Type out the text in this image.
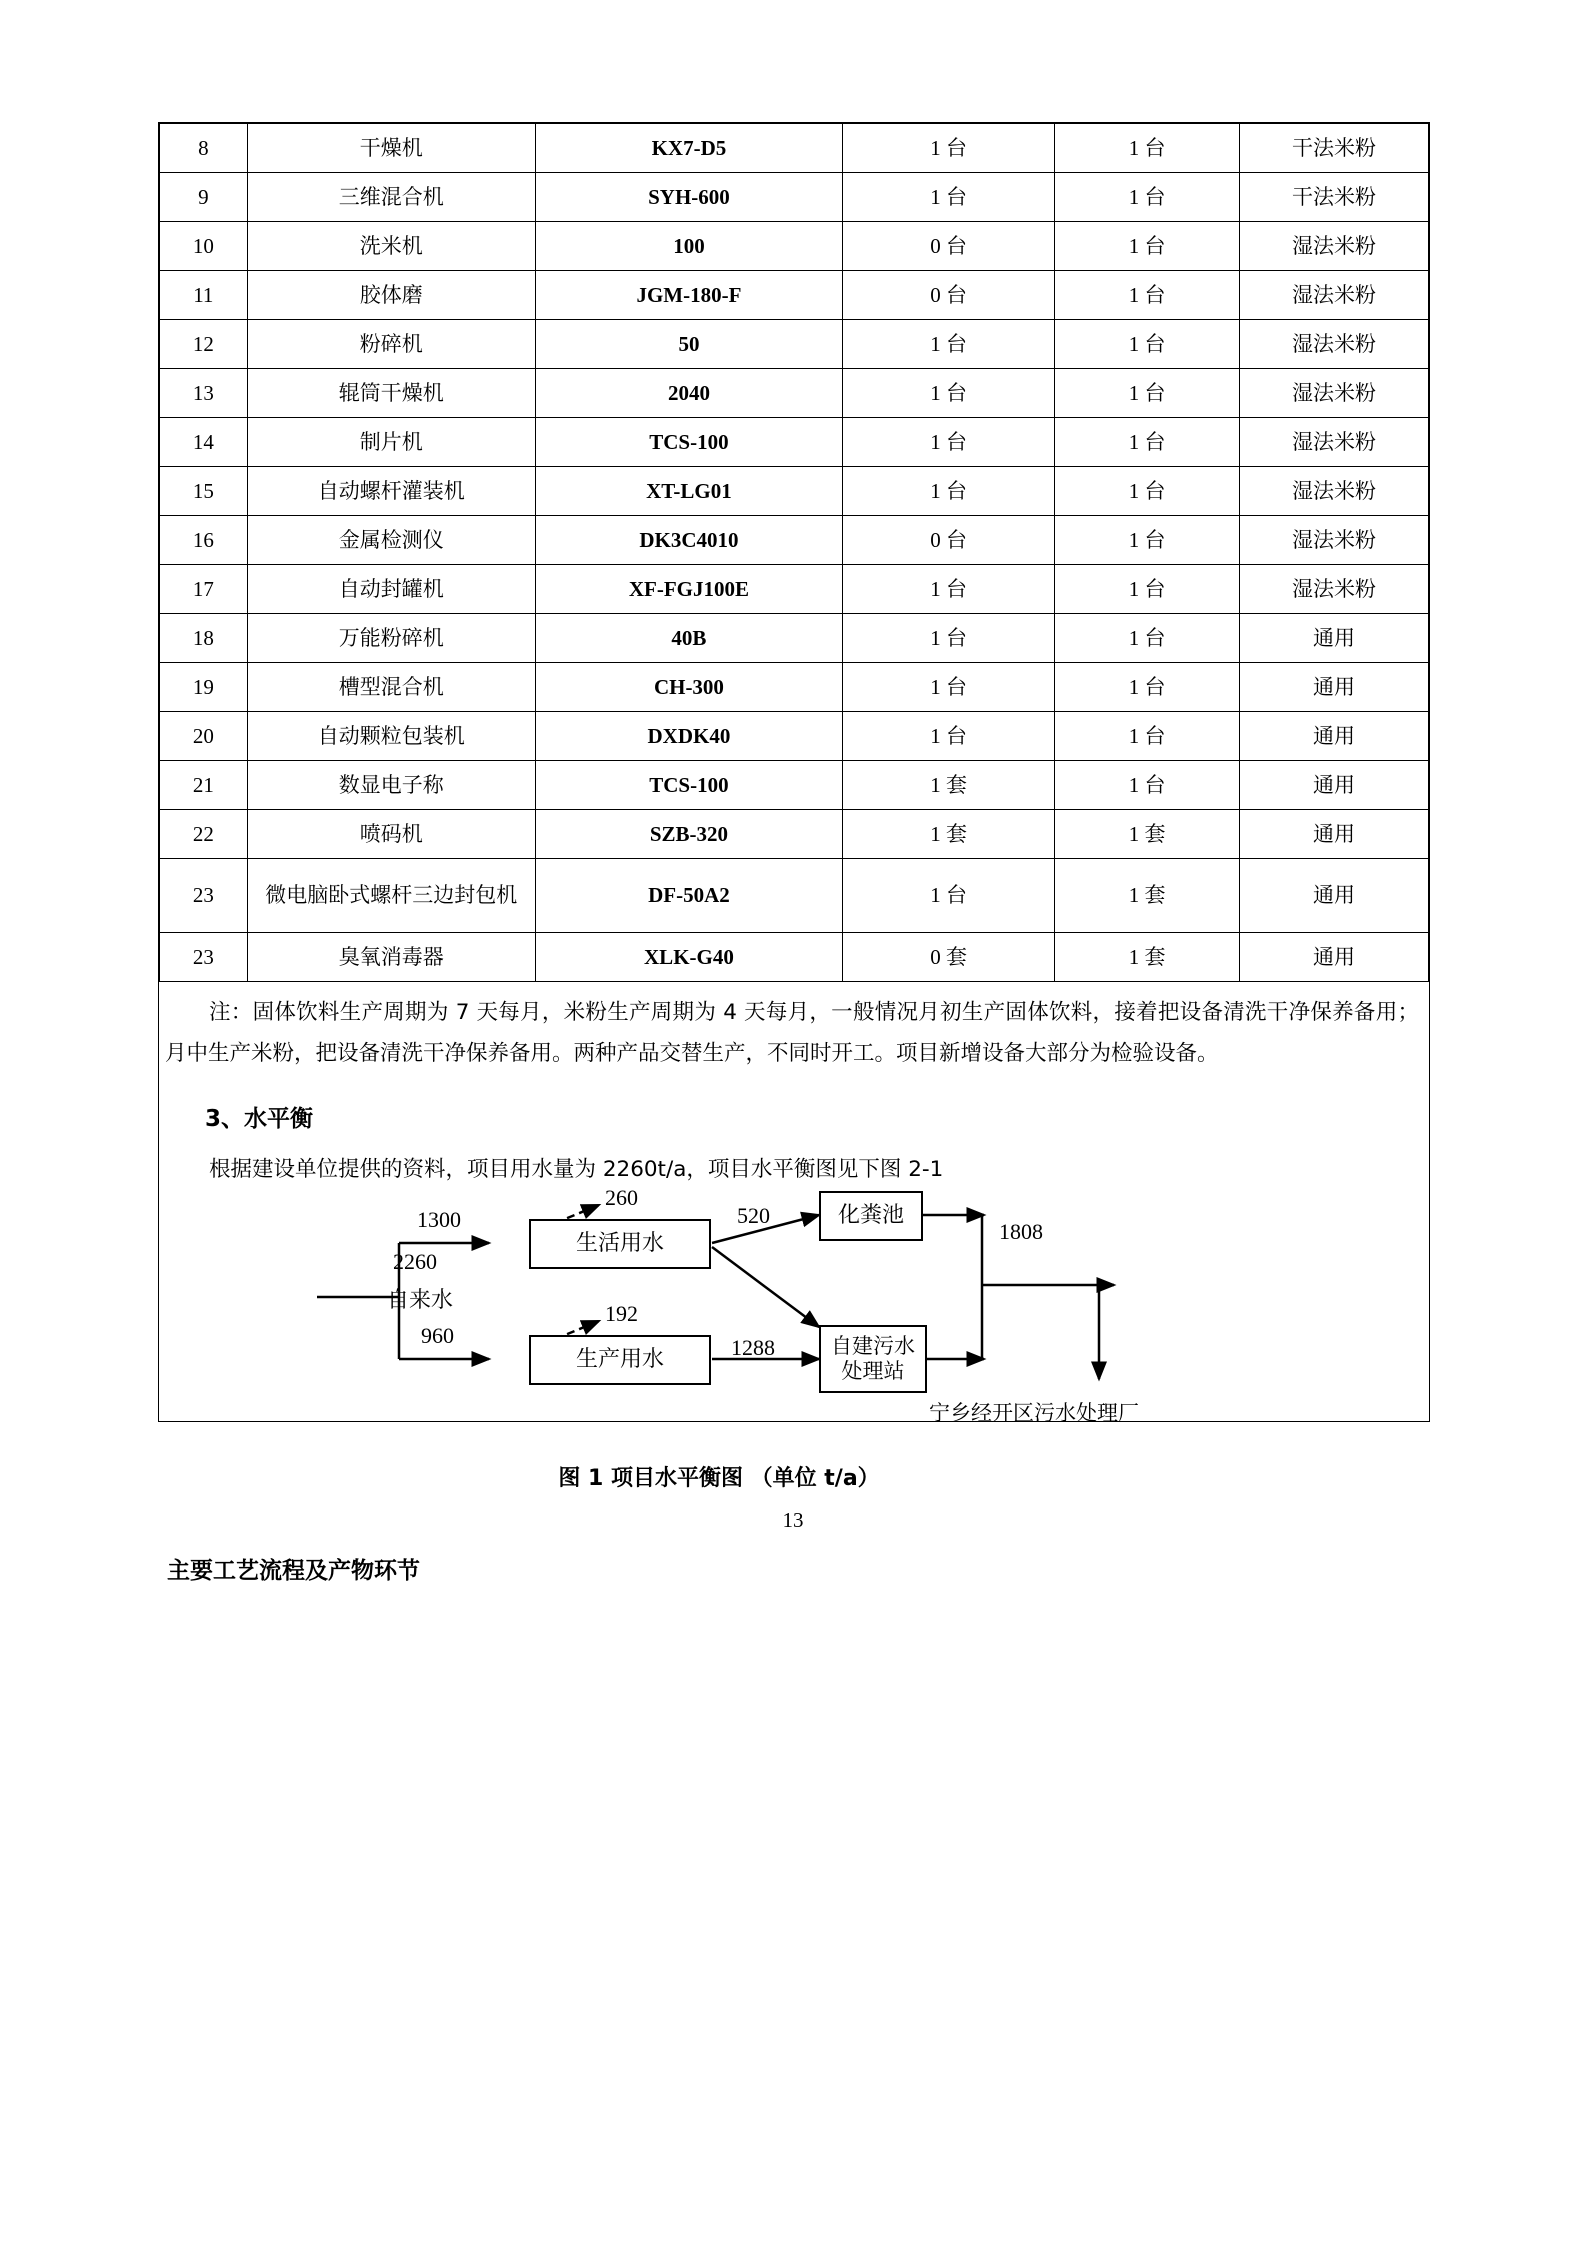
8	干燥机	KX7-D5	1 台	1 台	干法米粉
9	三维混合机	SYH-600	1 台	1 台	干法米粉
10	洗米机	100	0 台	1 台	湿法米粉
11	胶体磨	JGM-180-F	0 台	1 台	湿法米粉
12	粉碎机	50	1 台	1 台	湿法米粉
13	辊筒干燥机	2040	1 台	1 台	湿法米粉
14	制片机	TCS-100	1 台	1 台	湿法米粉
15	自动螺杆灌装机	XT-LG01	1 台	1 台	湿法米粉
16	金属检测仪	DK3C4010	0 台	1 台	湿法米粉
17	自动封罐机	XF-FGJ100E	1 台	1 台	湿法米粉
18	万能粉碎机	40B	1 台	1 台	通用
19	槽型混合机	CH-300	1 台	1 台	通用
20	自动颗粒包装机	DXDK40	1 台	1 台	通用
21	数显电子称	TCS-100	1 套	1 台	通用
22	喷码机	SZB-320	1 套	1 套	通用
23	微电脑卧式螺杆三边封包机	DF-50A2	1 台	1 套	通用
23	臭氧消毒器	XLK-G40	0 套	1 套	通用

注：固体饮料生产周期为 7 天每月，米粉生产周期为 4 天每月，一般情况月初生产固体饮料，接着把设备清洗干净保养备用；月中生产米粉，把设备清洗干净保养备用。两种产品交替生产，不同时开工。项目新增设备大部分为检验设备。

3、水平衡
根据建设单位提供的资料，项目用水量为 2260t/a，项目水平衡图见下图 2-1
2260
自来水
1300
960
260
192
生活用水
生产用水
520
1288
化粪池
自建污水
处理站
1808
宁乡经开区污水处理厂
图 1 项目水平衡图 （单位 t/a）
主要工艺流程及产物环节
13
